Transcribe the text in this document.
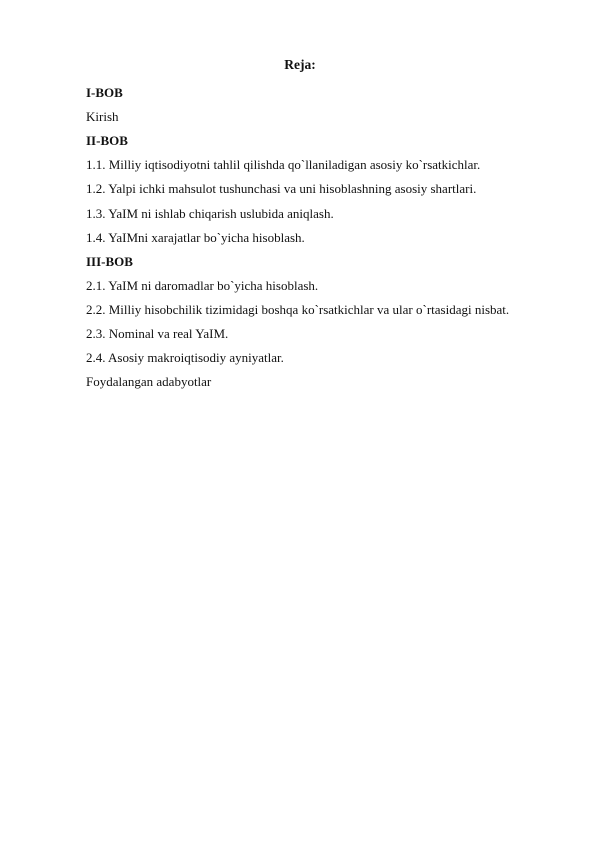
Reja:
I-BOB
Kirish
II-BOB
1.1. Milliy iqtisodiyotni tahlil qilishda qo`llaniladigan asosiy ko`rsatkichlar.
1.2. Yalpi ichki mahsulot tushunchasi va uni hisoblashning asosiy shartlari.
1.3. YaIM ni ishlab chiqarish uslubida aniqlash.
1.4. YaIMni xarajatlar bo`yicha hisoblash.
III-BOB
2.1. YaIM ni daromadlar bo`yicha hisoblash.
2.2. Milliy hisobchilik tizimidagi boshqa ko`rsatkichlar va ular o`rtasidagi nisbat.
2.3. Nominal va real YaIM.
2.4. Asosiy makroiqtisodiy ayniyatlar.
Foydalangan adabyotlar
